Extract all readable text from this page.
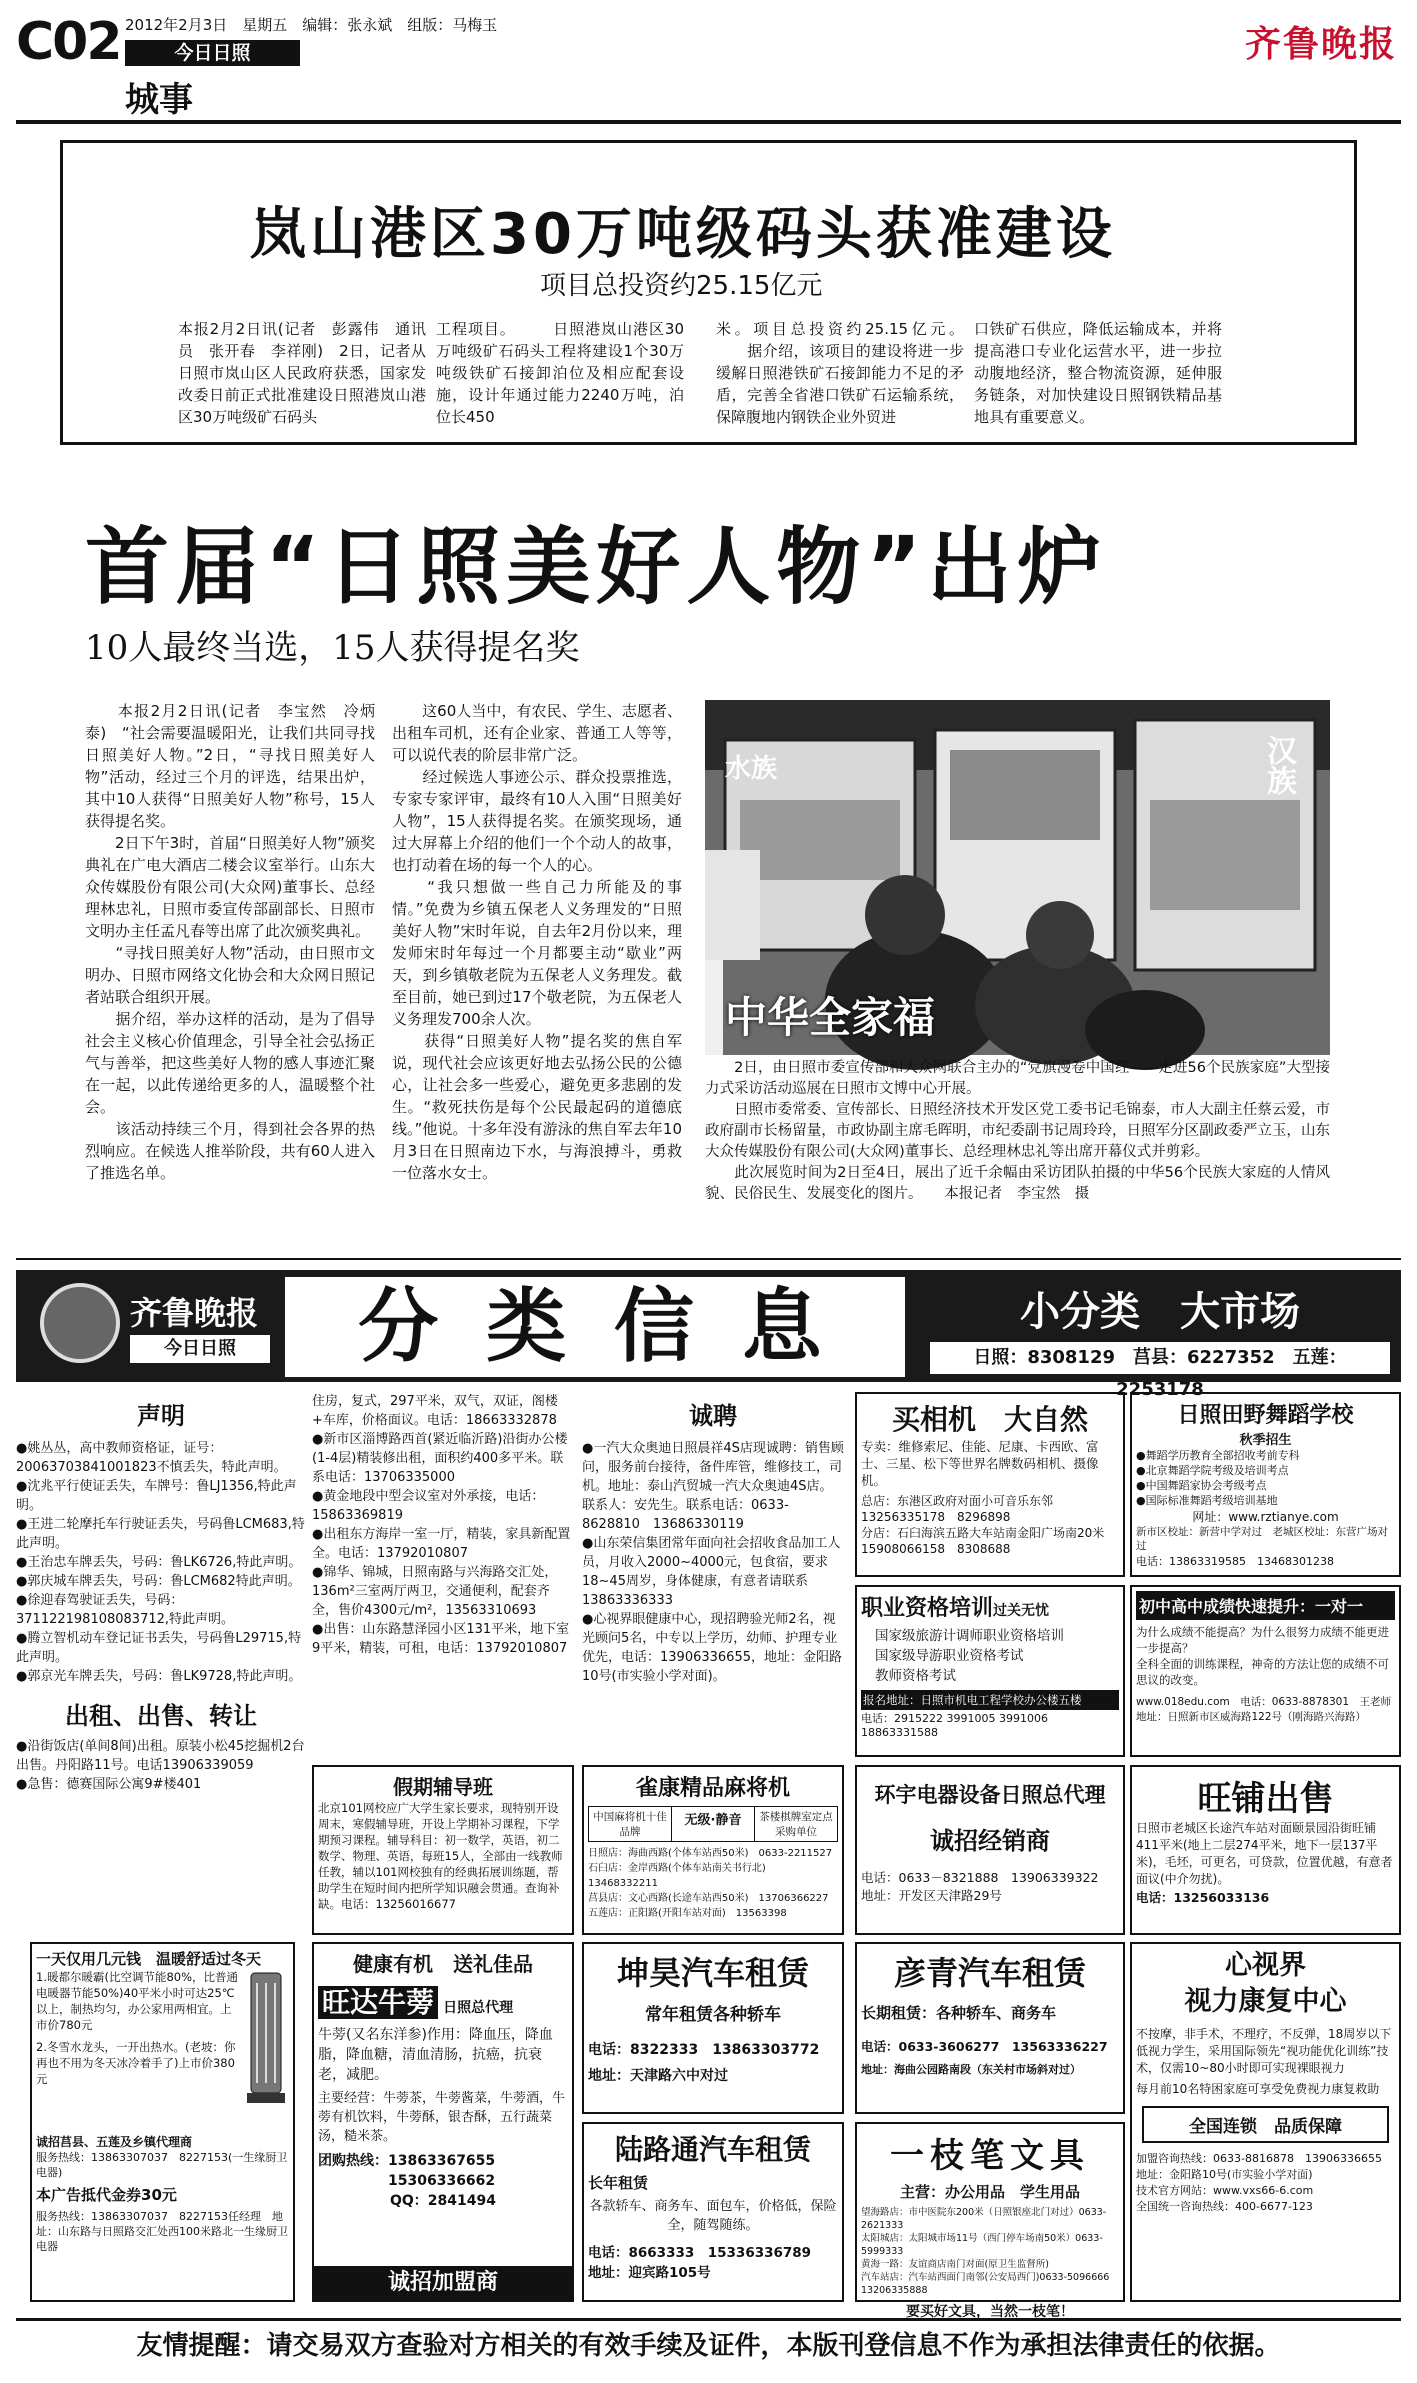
C02 2012年2月3日　星期五　编辑：张永斌　组版：马梅玉
今日日照
城事
齐鲁晚报
岚山港区30万吨级码头获准建设
项目总投资约25.15亿元
本报2月2日讯(记者　彭露伟　通讯员　张开春　李祥刚)　2日，记者从日照市岚山区人民政府获悉，国家发改委日前正式批准建设日照港岚山港区30万吨级矿石码头
工程项目。 　　日照港岚山港区30万吨级矿石码头工程将建设1个30万吨级铁矿石接卸泊位及相应配套设施，设计年通过能力2240万吨，泊位长450
米。项目总投资约25.15亿元。 　　据介绍，该项目的建设将进一步缓解日照港铁矿石接卸能力不足的矛盾，完善全省港口铁矿石运输系统，保障腹地内钢铁企业外贸进
口铁矿石供应，降低运输成本，并将提高港口专业化运营水平，进一步拉动腹地经济，整合物流资源，延伸服务链条，对加快建设日照钢铁精品基地具有重要意义。
首届“日照美好人物”出炉
10人最终当选，15人获得提名奖
　　本报2月2日讯(记者　李宝然　冷炳泰)　“社会需要温暖阳光，让我们共同寻找日照美好人物。”2日，“寻找日照美好人物”活动，经过三个月的评选，结果出炉，其中10人获得“日照美好人物”称号，15人获得提名奖。
　　2日下午3时，首届“日照美好人物”颁奖典礼在广电大酒店二楼会议室举行。山东大众传媒股份有限公司(大众网)董事长、总经理林忠礼，日照市委宣传部副部长、日照市文明办主任孟凡春等出席了此次颁奖典礼。
　　“寻找日照美好人物”活动，由日照市文明办、日照市网络文化协会和大众网日照记者站联合组织开展。
　　据介绍，举办这样的活动，是为了倡导社会主义核心价值理念，引导全社会弘扬正气与善举，把这些美好人物的感人事迹汇聚在一起，以此传递给更多的人，温暖整个社会。
　　该活动持续三个月，得到社会各界的热烈响应。在候选人推举阶段，共有60人进入了推选名单。
　　这60人当中，有农民、学生、志愿者、出租车司机，还有企业家、普通工人等等，可以说代表的阶层非常广泛。
　　经过候选人事迹公示、群众投票推选，专家专家评审，最终有10人入围“日照美好人物”，15人获得提名奖。在颁奖现场，通过大屏幕上介绍的他们一个个动人的故事，也打动着在场的每一个人的心。
　　“我只想做一些自己力所能及的事情。”免费为乡镇五保老人义务理发的“日照美好人物”宋时年说，自去年2月份以来，理发师宋时年每过一个月都要主动“歇业”两天，到乡镇敬老院为五保老人义务理发。截至目前，她已到过17个敬老院，为五保老人义务理发700余人次。
　　获得“日照美好人物”提名奖的焦自军说，现代社会应该更好地去弘扬公民的公德心，让社会多一些爱心，避免更多悲剧的发生。“救死扶伤是每个公民最起码的道德底线。”他说。十多年没有游泳的焦自军去年10月3日在日照南边下水，与海浪搏斗，勇救一位落水女士。
水族	汉族
中华全家福
　　2日，由日照市委宣传部和大众网联合主办的“党旗漫卷中国红——走进56个民族家庭”大型接力式采访活动巡展在日照市文博中心开展。
　　日照市委常委、宣传部长、日照经济技术开发区党工委书记毛锦泰，市人大副主任蔡云爱，市政府副市长杨留量，市政协副主席毛晖明，市纪委副书记周玲玲，日照军分区副政委严立玉，山东大众传媒股份有限公司(大众网)董事长、总经理林忠礼等出席开幕仪式并剪彩。
　　此次展览时间为2日至4日，展出了近千余幅由采访团队拍摄的中华56个民族大家庭的人情风貌、民俗民生、发展变化的图片。　　本报记者　李宝然　摄
齐鲁晚报
今日日照	分 类 信 息	小分类　大市场
日照：8308129　莒县：6227352　五莲：2253178
声明
●姚丛丛，高中教师资格证，证号：20063703841001823不慎丢失，特此声明。
●沈兆平行使证丢失，车牌号：鲁LJ1356,特此声明。
●王进二轮摩托车行驶证丢失，号码鲁LCM683,特此声明。
●王治忠车牌丢失，号码：鲁LK6726,特此声明。
●郭庆城车牌丢失，号码：鲁LCM682特此声明。
●徐迎春驾驶证丢失，号码：371122198108083712,特此声明。
●腾立智机动车登记证书丢失，号码鲁L29715,特此声明。
●郭京光车牌丢失，号码：鲁LK9728,特此声明。
出租、出售、转让
●沿街饭店(单间8间)出租。原装小松45挖掘机2台出售。丹阳路11号。电话13906339059
●急售：德赛国际公寓9#楼401
住房，复式，297平米，双气，双证，阁楼+车库，价格面议。电话：18663332878
●新市区淄博路西首(紧近临沂路)沿街办公楼(1-4层)精装修出租，面积约400多平米。联系电话：13706335000
●黄金地段中型会议室对外承接，电话：15863369819
●出租东方海岸一室一厅，精装，家具新配置全。电话：13792010807
●锦华、锦城，日照南路与兴海路交汇处，136m²三室两厅两卫，交通便利，配套齐全，售价4300元/m²，13563310693
●出售：山东路慧泽园小区131平米，地下室9平米，精装，可租，电话：13792010807
诚聘
●一汽大众奥迪日照晨祥4S店现诚聘：销售顾问，服务前台接待，备件库管，维修技工，司机。地址：泰山汽贸城一汽大众奥迪4S店。联系人：安先生。联系电话：0633-8628810　13686330119
●山东荣信集团常年面向社会招收食品加工人员，月收入2000~4000元，包食宿，要求18~45周岁，身体健康，有意者请联系13863336333
●心视界眼健康中心，现招聘验光师2名，视光顾问5名，中专以上学历，幼师、护理专业优先，电话：13906336655，地址：金阳路10号(市实验小学对面)。
买相机　大自然
专卖：维修索尼、佳能、尼康、卡西欧、富士、三星、松下等世界名牌数码相机、摄像机。
总店：东港区政府对面小可音乐东邻　13256335178　8296898
分店：石臼海滨五路大车站南金阳广场南20米　15908066158　8308688
日照田野舞蹈学校
秋季招生
●舞蹈学历教育全部招收考前专科
●北京舞蹈学院考级及培训考点
●中国舞蹈家协会考级考点
●国际标准舞蹈考级培训基地
网址：www.rztianye.com
新市区校址：新营中学对过　老城区校址：东营广场对过
电话：13863319585　13468301238
职业资格培训过关无忧
国家级旅游计调师职业资格培训
国家级导游职业资格考试
教师资格考试
报名地址：日照市机电工程学校办公楼五楼
电话：2915222 3991005 3991006 18863331588
初中高中成绩快速提升：一对一
为什么成绩不能提高？为什么很努力成绩不能更进一步提高？
全科全面的训练课程，神奇的方法让您的成绩不可思议的改变。
www.018edu.com　电话：0633-8878301　王老师
地址：日照新市区威海路122号（刚海路兴海路）
假期辅导班
北京101网校应广大学生家长要求，现特别开设周末，寒假辅导班，开设上学期补习课程，下学期预习课程。辅导科目：初一数学，英语，初二数学、物理、英语，每班15人，全部由一线教师任教，辅以101网校独有的经典拓展训练题，帮助学生在短时间内把所学知识融会贯通。查询补缺。电话：13256016677
雀康精品麻将机
中国麻将机十佳品牌
无级·静音	茶楼棋牌室定点采购单位
日照店：海曲西路(个体车站西50米)　0633-2211527
石臼店：金岸西路(个体车站南关书行北)　13468332211
莒县店：文心西路(长途车站西50米)　13706366227
五莲店：正阳路(开阳车站对面)　13563398
环宇电器设备日照总代理
诚招经销商
电话：0633－8321888　13906339322
地址：开发区天津路29号
旺铺出售
日照市老城区长途汽车站对面颐景园沿街旺铺411平米(地上二层274平米，地下一层137平米)，毛坯，可更名，可贷款，位置优越，有意者面议(中介勿扰)。
电话：13256033136
一天仅用几元钱　温暖舒适过冬天
1.暖都尔暖霸(比空调节能80%，比普通电暖器节能50%)40平米小时可达25℃以上，制热均匀，办公家用两相宜。上市价780元
2.冬雪水龙头，一开出热水。(老坡：你再也不用为冬天冰冷着手了)上市价380元
诚招莒县、五莲及乡镇代理商
服务热线：13863307037　8227153(一生缘厨卫电器)
本广告抵代金券30元
服务热线：13863307037　8227153任经理　地址：山东路与日照路交汇处西100米路北一生缘厨卫电器
健康有机　送礼佳品
旺达牛蒡 日照总代理
牛蒡(又名东洋参)作用：降血压，降血脂，降血糖，清血清肠，抗癌，抗衰老，减肥。
主要经营：牛蒡茶，牛蒡酱菜，牛蒡酒，牛蒡有机饮料，牛蒡酥，银杏酥，五行蔬菜汤，糙米茶。
团购热线：13863367655
　　　　　15306336662
QQ：2841494
诚招加盟商
坤昊汽车租赁
常年租赁各种轿车
电话：8322333　13863303772
地址：天津路六中对过
彦青汽车租赁
长期租赁：各种轿车、商务车
电话：0633-3606277　13563336227
地址：海曲公园路南段（东关村市场斜对过）
心视界
视力康复中心
不按摩，非手术，不理疗，不反弹，18周岁以下低视力学生，采用国际领先“视功能优化训练”技术，仅需10~80小时即可实现裸眼视力
每月前10名特困家庭可享受免费视力康复救助
全国连锁　品质保障
加盟咨询热线：0633-8816878　13906336655
地址：金阳路10号(市实验小学对面)
技术官方网站：www.vxs66-6.com
全国统一咨询热线：400-6677-123
陆路通汽车租赁
长年租赁
各款轿车、商务车、面包车，价格低，保险全，随驾随练。
电话：8663333　15336336789
地址：迎宾路105号
一枝笔文具
主营：办公用品　学生用品
望海路店：市中医院东200米（日照银座北门对过）0633-2621333
太阳城店：太阳城市场11号（西门停车场南50米）0633-5999333
黄海一路：友谊商店南门对面(原卫生监督所)
汽车站店：汽车站西面门南邻(公安局西门)0633-5096666　13206335888
要买好文具，当然一枝笔！
友情提醒：请交易双方查验对方相关的有效手续及证件，本版刊登信息不作为承担法律责任的依据。
